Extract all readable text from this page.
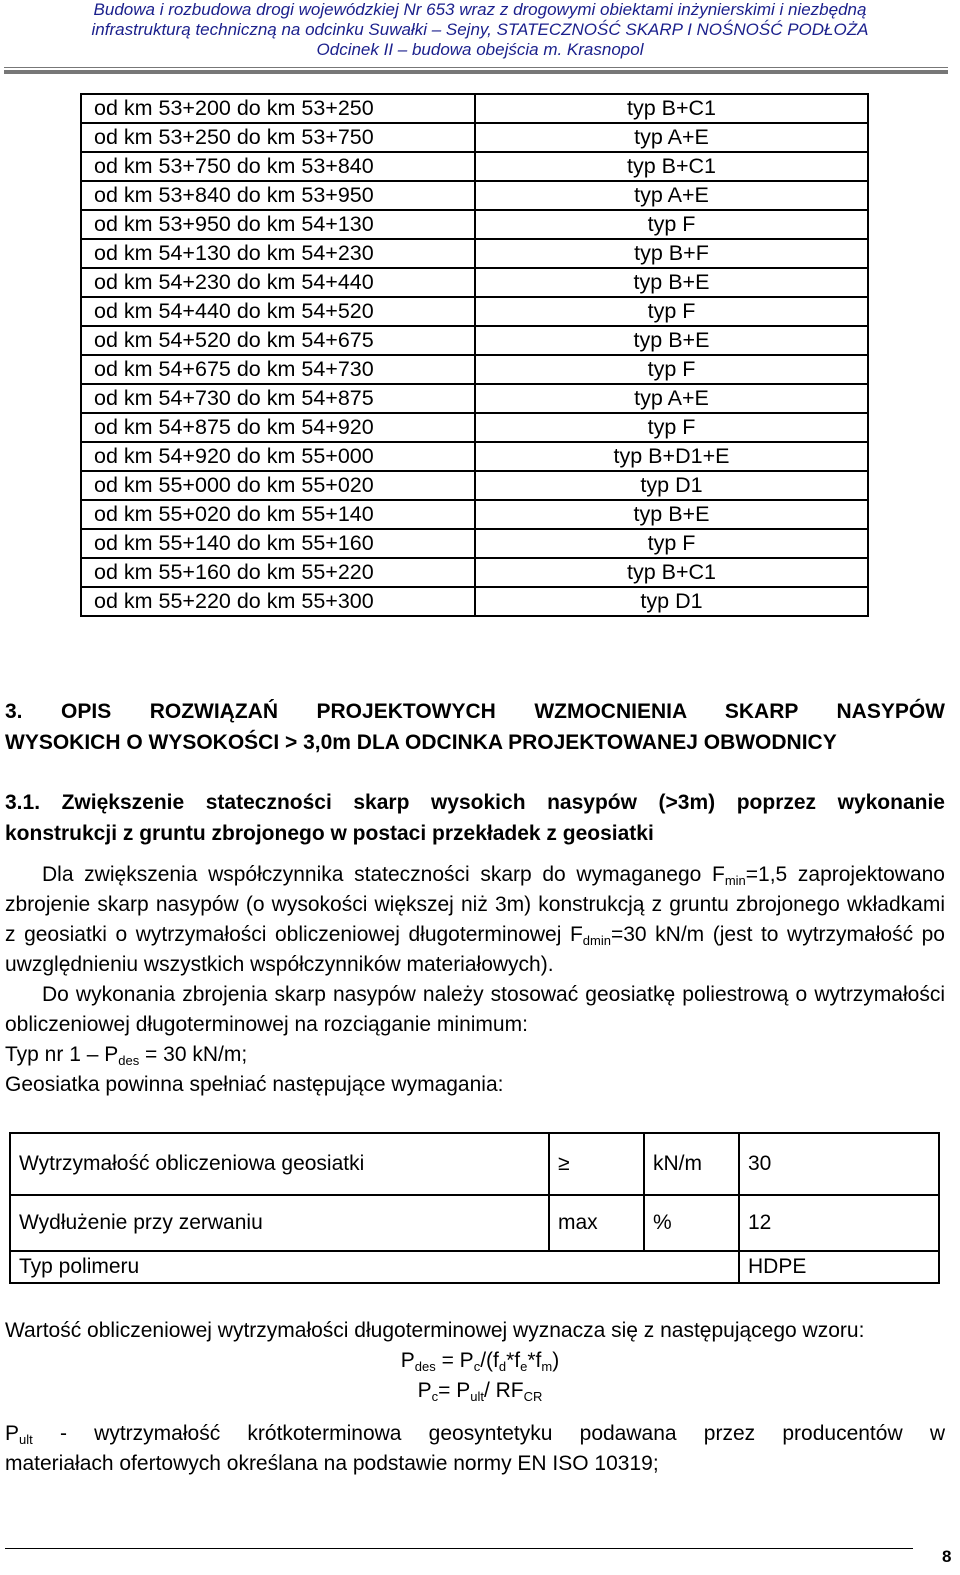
Budowa i rozbudowa drogi wojewódzkiej Nr 653 wraz z drogowymi obiektami inżynierskimi i niezbędną
infrastrukturą techniczną na odcinku Suwałki – Sejny, STATECZNOŚĆ SKARP I NOŚNOŚĆ PODŁOŻA
Odcinek II – budowa obejścia m. Krasnopol
od km 53+200 do km 53+250	typ B+C1
od km 53+250 do km 53+750	typ A+E
od km 53+750 do km 53+840	typ B+C1
od km 53+840 do km 53+950	typ A+E
od km 53+950 do km 54+130	typ F
od km 54+130 do km 54+230	typ B+F
od km 54+230 do km 54+440	typ B+E
od km 54+440 do km 54+520	typ F
od km 54+520 do km 54+675	typ B+E
od km 54+675 do km 54+730	typ F
od km 54+730 do km 54+875	typ A+E
od km 54+875 do km 54+920	typ F
od km 54+920 do km 55+000	typ B+D1+E
od km 55+000 do km 55+020	typ D1
od km 55+020 do km 55+140	typ B+E
od km 55+140 do km 55+160	typ F
od km 55+160 do km 55+220	typ B+C1
od km 55+220 do km 55+300	typ D1
3. OPIS ROZWIĄZAŃ PROJEKTOWYCH WZMOCNIENIA SKARP NASYPÓW
WYSOKICH O WYSOKOŚCI > 3,0m DLA ODCINKA PROJEKTOWANEJ OBWODNICY
3.1. Zwiększenie stateczności skarp wysokich nasypów (>3m) poprzez wykonanie
konstrukcji z gruntu zbrojonego w postaci przekładek z geosiatki

Dla zwiększenia współczynnika stateczności skarp do wymaganego $F_{min}=1,5$ zaprojektowano zbrojenie skarp nasypów (o wysokości większej niż 3m) konstrukcją z gruntu zbrojonego wkładkami z geosiatki o wytrzymałości obliczeniowej długoterminowej $F_{dmin}=30$ kN/m (jest to wytrzymałość po uwzględnieniu wszystkich współczynników materiałowych).

Do wykonania zbrojenia skarp nasypów należy stosować geosiatkę poliestrową o wytrzymałości obliczeniowej długoterminowej na rozciąganie minimum:

Typ nr $1 - P_{des} = 30$ kN/m;

Geosiatka powinna spełniać następujące wymagania:

Wytrzymałość obliczeniowa geosiatki	≥	kN/m	30
Wydłużenie przy zerwaniu	max	%	12
Typ polimeru			HDPE
Wartość obliczeniowej wytrzymałości długoterminowej wyznacza się z następującego wzoru:
$P_{des} = P_c/(f_d*f_e*f_m)$
$P_c= P_{ult}/$ $RF_{CR}$
$P_{ult}$ - wytrzymałość krótkoterminowa geosyntetyku podawana przez producentów w
materiałach ofertowych określana na podstawie normy EN ISO 10319;
8
